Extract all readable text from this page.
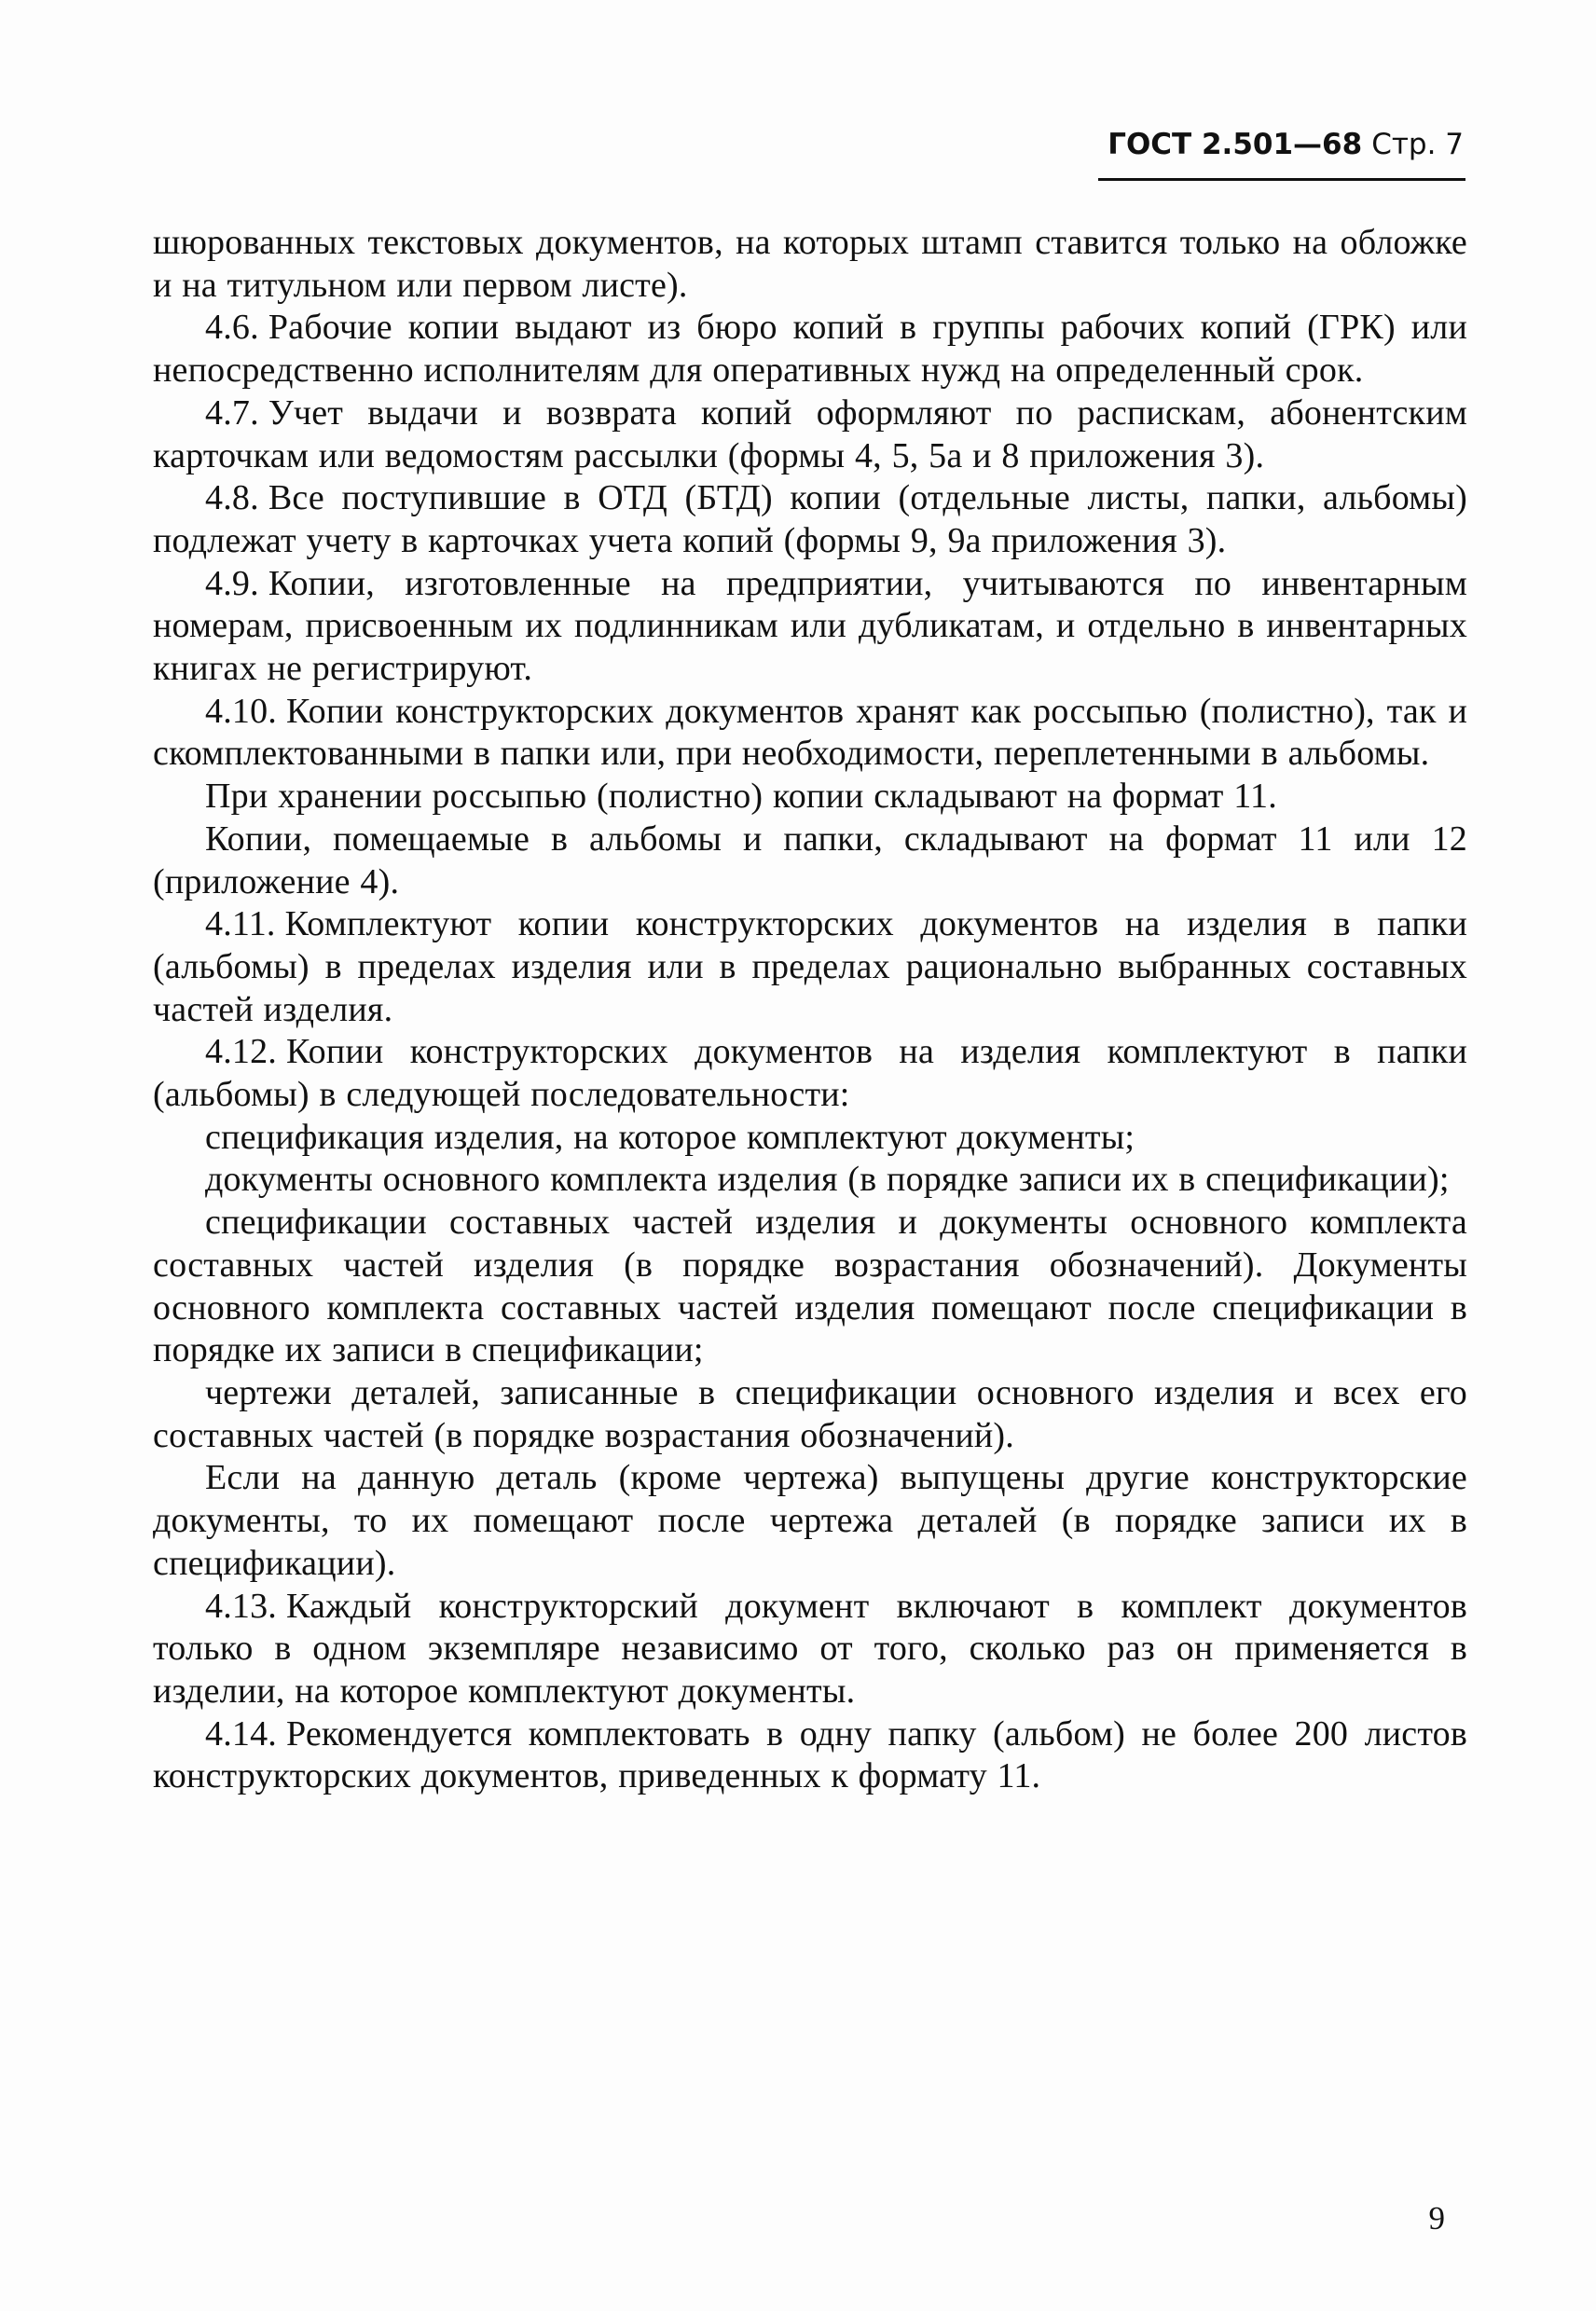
ГОСТ 2.501—68 Стр. 7

шюрованных текстовых документов, на которых штамп ставится только на обложке и на титульном или первом листе).

4.6. Рабочие копии выдают из бюро копий в группы рабочих копий (ГРК) или непосредственно исполнителям для оперативных нужд на определенный срок.

4.7. Учет выдачи и возврата копий оформляют по распискам, абонентским карточкам или ведомостям рассылки (формы 4, 5, 5а и 8 приложения 3).

4.8. Все поступившие в ОТД (БТД) копии (отдельные листы, папки, альбомы) подлежат учету в карточках учета копий (формы 9, 9а приложения 3).

4.9. Копии, изготовленные на предприятии, учитываются по инвентарным номерам, присвоенным их подлинникам или дубликатам, и отдельно в инвентарных книгах не регистрируют.

4.10. Копии конструкторских документов хранят как россыпью (полистно), так и скомплектованными в папки или, при необходимости, переплетенными в альбомы.

При хранении россыпью (полистно) копии складывают на формат 11.

Копии, помещаемые в альбомы и папки, складывают на формат 11 или 12 (приложение 4).

4.11. Комплектуют копии конструкторских документов на изделия в папки (альбомы) в пределах изделия или в пределах рационально выбранных составных частей изделия.

4.12. Копии конструкторских документов на изделия комплектуют в папки (альбомы) в следующей последовательности:

спецификация изделия, на которое комплектуют документы;

документы основного комплекта изделия (в порядке записи их в спецификации);

спецификации составных частей изделия и документы основного комплекта составных частей изделия (в порядке возрастания обозначений). Документы основного комплекта составных частей изделия помещают после спецификации в порядке их записи в спецификации;

чертежи деталей, записанные в спецификации основного изделия и всех его составных частей (в порядке возрастания обозначений).

Если на данную деталь (кроме чертежа) выпущены другие конструкторские документы, то их помещают после чертежа деталей (в порядке записи их в спецификации).

4.13. Каждый конструкторский документ включают в комплект документов только в одном экземпляре независимо от того, сколько раз он применяется в изделии, на которое комплектуют документы.

4.14. Рекомендуется комплектовать в одну папку (альбом) не более 200 листов конструкторских документов, приведенных к формату 11.

9
